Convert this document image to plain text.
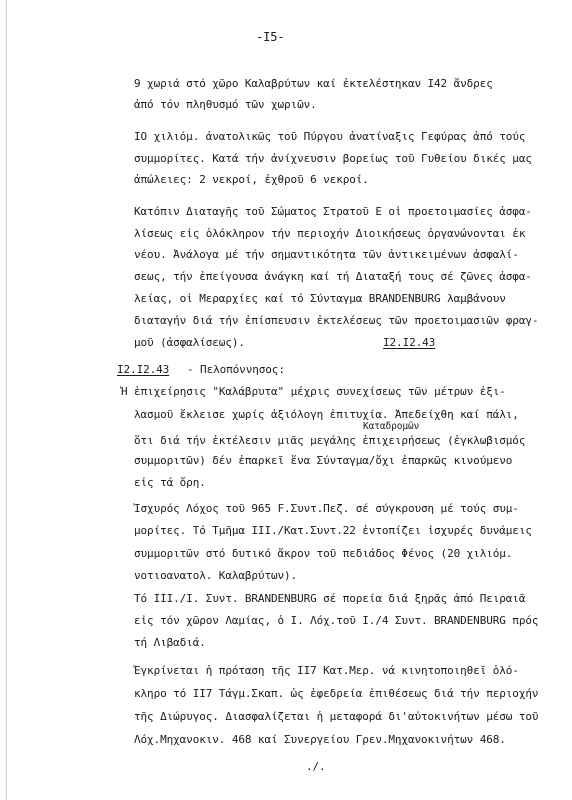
-I5-
9 χωριά στό χῶρο Καλαβρύτων καί ἐκτελέστηκαν I42 ἄνδρες
ἀπό τόν πληθυσμό τῶν χωριῶν.
IO χιλιόμ. ἀνατολικῶς τοῦ Πύργου ἀνατίναξις Γεφύρας ἀπό τούς
συμμορίτες. Κατά τήν ἀνίχνευσιν βορείως τοῦ Γυθείου δικές μας
ἀπώλειες: 2 νεκροί, ἐχθροῦ 6 νεκροί.
Κατόπιν Διαταγῆς τοῦ Σώματος Στρατοῦ Ε οἱ προετοιμασίες ἀσφα-
λίσεως εἰς ὁλόκληρον τήν περιοχήν Διοικήσεως ὀργανώνονται ἐκ
νέου. Ἀνάλογα μέ τήν σημαντικότητα τῶν ἀντικειμένων ἀσφαλί-
σεως, τήν ἐπείγουσα ἀνάγκη καί τή Διαταξή τους σέ ζῶνες ἀσφα-
λείας, οἱ Μεραρχίες καί τό Σύνταγμα BRANDENBURG λαμβάνουν
διαταγήν διά τήν ἐπίσπευσιν ἐκτελέσεως τῶν προετοιμασιῶν φραγ-
μοῦ (ἀσφαλίσεως).	I2.I2.43
I2.I2.43 - Πελοπόννησος:
Ἡ ἐπιχείρησις "Καλάβρυτα" μέχρις συνεχίσεως τῶν μέτρων ἐξι-
λασμοῦ ἔκλεισε χωρίς ἀξιόλογη ἐπιτυχία. Ἀπεδείχθη καί πάλι,
Καταδρομῶν
ὅτι διά τήν ἐκτέλεσιν μιᾶς μεγάλης ἐπιχειρήσεως (ἐγκλωβισμός
συμμοριτῶν) δέν ἐπαρκεῖ ἕνα Σύνταγμα/ὄχι ἐπαρκῶς κινούμενο
εἰς τά ὄρη.
Ἰσχυρός Λόχος τοῦ 965 F.Συντ.Πεζ. σέ σύγκρουση μέ τούς συμ-
μορίτες. Τό Τμῆμα III./Κατ.Συντ.22 ἐντοπίζει ἰσχυρές δυνάμεις
συμμοριτῶν στό δυτικό ἄκρον τοῦ πεδιάδος Φένος (20 χιλιόμ.
νοτιοανατολ. Καλαβρύτων).
Τό III./I. Συντ. BRANDENBURG σέ πορεία διά ξηρᾶς ἀπό Πειραιᾶ
εἰς τόν χῶρον Λαμίας, ὁ I. Λόχ.τοῦ I./4 Συντ. BRANDENBURG πρός
τή Λιβαδιά.
Ἐγκρίνεται ἡ πρόταση τῆς II7 Κατ.Μερ. νά κινητοποιηθεῖ ὁλό-
κληρο τό II7 Τάγμ.Σκαπ. ὡς ἐφεδρεία ἐπιθέσεως διά τήν περιοχήν
τῆς Διώρυγος. Διασφαλίζεται ἡ μεταφορά δι'αὐτοκινήτων μέσω τοῦ
Λόχ.Μηχανοκιν. 468 καί Συνεργείου Γρεν.Μηχανοκινήτων 468.
./.
